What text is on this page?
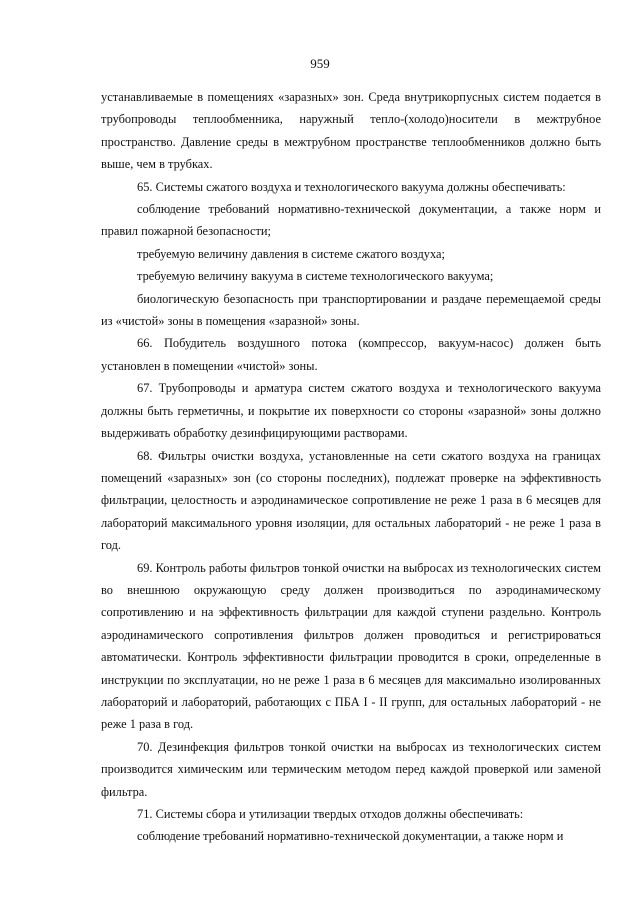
959

устанавливаемые в помещениях «заразных» зон. Среда внутрикорпусных систем подается в трубопроводы теплообменника, наружный тепло-(холодо)носители в межтрубное пространство. Давление среды в межтрубном пространстве теплообменников должно быть выше, чем в трубках.

65. Системы сжатого воздуха и технологического вакуума должны обеспечивать:

соблюдение требований нормативно-технической документации, а также норм и правил пожарной безопасности;

требуемую величину давления в системе сжатого воздуха;

требуемую величину вакуума в системе технологического вакуума;

биологическую безопасность при транспортировании и раздаче перемещаемой среды из «чистой» зоны в помещения «заразной» зоны.

66. Побудитель воздушного потока (компрессор, вакуум-насос) должен быть установлен в помещении «чистой» зоны.

67. Трубопроводы и арматура систем сжатого воздуха и технологического вакуума должны быть герметичны, и покрытие их поверхности со стороны «заразной» зоны должно выдерживать обработку дезинфицирующими растворами.

68. Фильтры очистки воздуха, установленные на сети сжатого воздуха на границах помещений «заразных» зон (со стороны последних), подлежат проверке на эффективность фильтрации, целостность и аэродинамическое сопротивление не реже 1 раза в 6 месяцев для лабораторий максимального уровня изоляции, для остальных лабораторий - не реже 1 раза в год.

69. Контроль работы фильтров тонкой очистки на выбросах из технологических систем во внешнюю окружающую среду должен производиться по аэродинамическому сопротивлению и на эффективность фильтрации для каждой ступени раздельно. Контроль аэродинамического сопротивления фильтров должен проводиться и регистрироваться автоматически. Контроль эффективности фильтрации проводится в сроки, определенные в инструкции по эксплуатации, но не реже 1 раза в 6 месяцев для максимально изолированных лабораторий и лабораторий, работающих с ПБА I - II групп, для остальных лабораторий - не реже 1 раза в год.

70. Дезинфекция фильтров тонкой очистки на выбросах из технологических систем производится химическим или термическим методом перед каждой проверкой или заменой фильтра.

71. Системы сбора и утилизации твердых отходов должны обеспечивать:

соблюдение требований нормативно-технической документации, а также норм и
